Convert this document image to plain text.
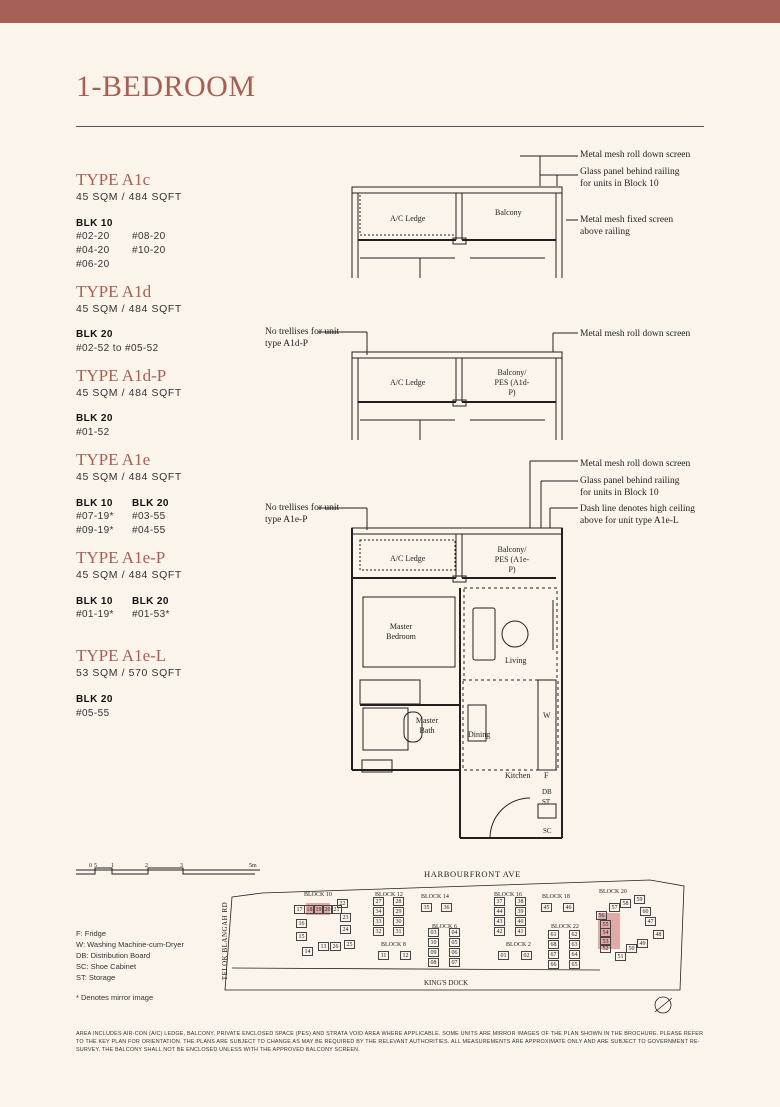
1-BEDROOM
TYPE A1c
45 SQM / 484 SQFT
BLK 10
#02-20
#04-20
#06-20
#08-20
#10-20
TYPE A1d
45 SQM / 484 SQFT
BLK 20
#02-52 to #05-52
TYPE A1d-P
45 SQM / 484 SQFT
BLK 20
#01-52
TYPE A1e
45 SQM / 484 SQFT
BLK 10
#07-19*
#09-19*
BLK 20
#03-55
#04-55
TYPE A1e-P
45 SQM / 484 SQFT
BLK 10
#01-19*
BLK 20
#01-53*
TYPE A1e-L
53 SQM / 570 SQFT
BLK 20
#05-55
Metal mesh roll down screen
Glass panel behind railing
for units in Block 10
Metal mesh fixed screen
above railing
No trellises for unit
type A1d-P
Metal mesh roll down screen
Metal mesh roll down screen
Glass panel behind railing
for units in Block 10
Dash line denotes high ceiling
above for unit type A1e-L
No trellises for unit
type A1e-P
A/C Ledge
Balcony
A/C Ledge
Balcony/
PES (A1d-P)
A/C Ledge
Balcony/
PES (A1e-P)
Master
Bedroom
Living
Dining
Master
Bath
Kitchen
W
F
DB
ST
SC
0 5 1	2	3	5m
F: Fridge
W: Washing Machine-cum-Dryer
DB: Distribution Board
SC: Shoe Cabinet
ST: Storage
* Denotes mirror image
HARBOURFRONT AVE
TELOK BLANGAH RD
KING'S DOCK
BLOCK 10	BLOCK 12	BLOCK 14	BLOCK 16	BLOCK 18
BLOCK 20
BLOCK 8
BLOCK 6
BLOCK 2
BLOCK 22
17 18 19 20 21
22
16
23
15
24
14
13	26	25
27	28
34	29
33	30
32	31
35	36
37	38
44	39
43	40
42	41
45	46	57
58
59
56
60
55	47
54
53
52
48
50
49
51
11	12
03	04
10	05
09	06
08	07
01	02
61	62
68	63
67	64
66	65
AREA INCLUDES AIR-CON (A/C) LEDGE, BALCONY, PRIVATE ENCLOSED SPACE (PES) AND STRATA VOID AREA WHERE APPLICABLE. SOME UNITS ARE MIRROR IMAGES OF THE PLAN SHOWN IN THE BROCHURE. PLEASE REFER TO THE KEY PLAN FOR ORIENTATION. THE PLANS ARE SUBJECT TO CHANGE AS MAY BE REQUIRED BY THE RELEVANT AUTHORITIES. ALL MEASUREMENTS ARE APPROXIMATE ONLY AND ARE SUBJECT TO GOVERNMENT RE-SURVEY. THE BALCONY SHALL NOT BE ENCLOSED UNLESS WITH THE APPROVED BALCONY SCREEN.
